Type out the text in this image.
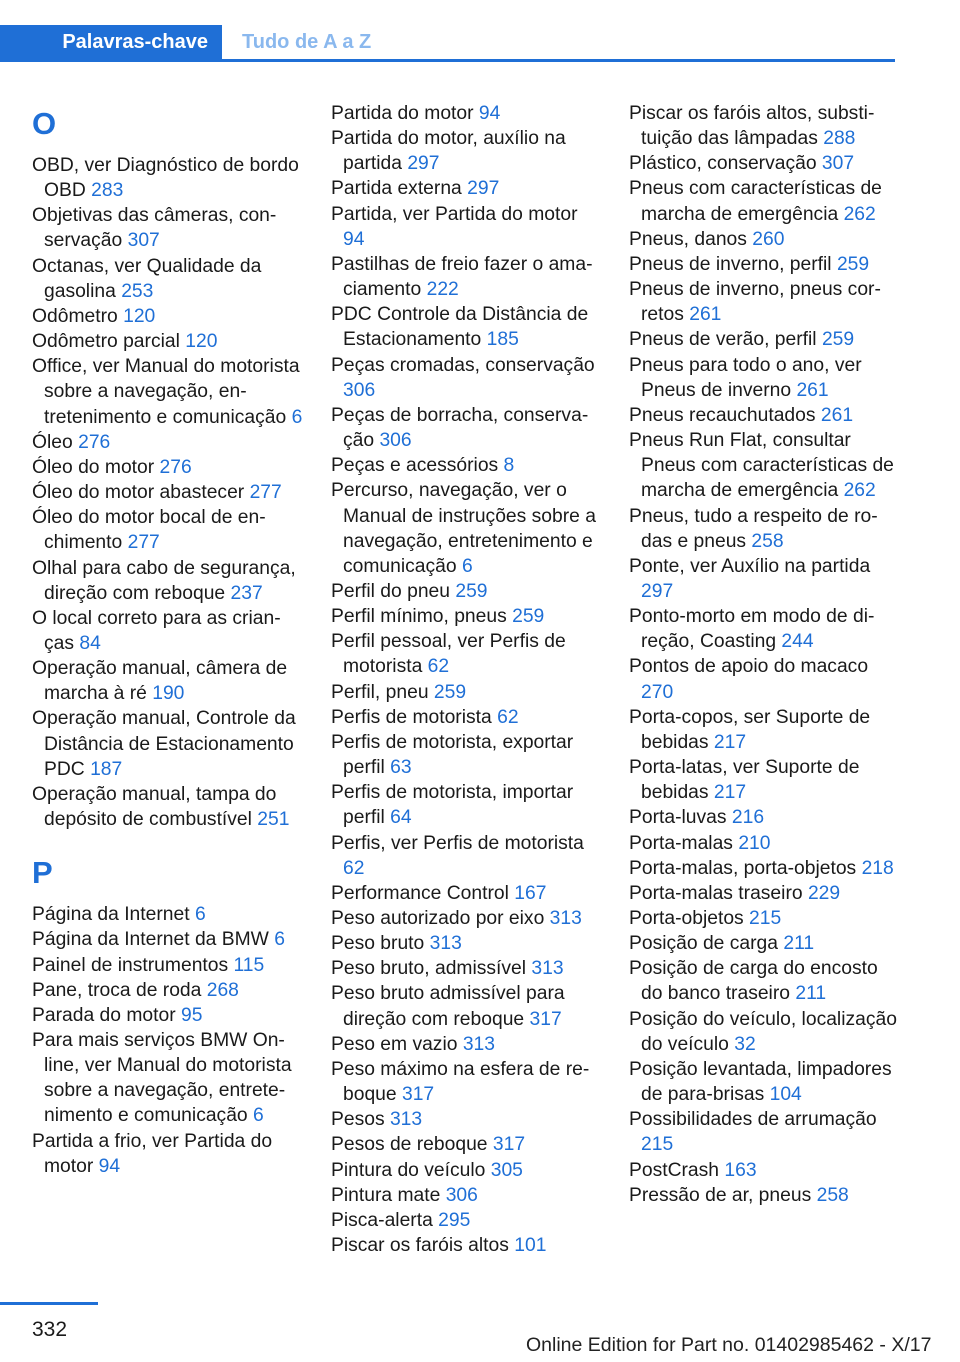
Palavras-chave	Tudo de A a Z
O
OBD, ver Diagnóstico de bordo OBD 283
Objetivas das câmeras, conservação 307
Octanas, ver Qualidade da gasolina 253
Odômetro 120
Odômetro parcial 120
Office, ver Manual do motorista sobre a navegação, entretenimento e comunicação 6
Óleo 276
Óleo do motor 276
Óleo do motor abastecer 277
Óleo do motor bocal de enchimento 277
Olhal para cabo de segurança, direção com reboque 237
O local correto para as crianças 84
Operação manual, câmera de marcha à ré 190
Operação manual, Controle da Distância de Estacionamento PDC 187
Operação manual, tampa do depósito de combustível 251
P
Página da Internet 6
Página da Internet da BMW 6
Painel de instrumentos 115
Pane, troca de roda 268
Parada do motor 95
Para mais serviços BMW Online, ver Manual do motorista sobre a navegação, entretenimento e comunicação 6
Partida a frio, ver Partida do motor 94
Partida do motor 94
Partida do motor, auxílio na partida 297
Partida externa 297
Partida, ver Partida do motor 94
Pastilhas de freio fazer o amaciamento 222
PDC Controle da Distância de Estacionamento 185
Peças cromadas, conservação 306
Peças de borracha, conservação 306
Peças e acessórios 8
Percurso, navegação, ver o Manual de instruções sobre a navegação, entretenimento e comunicação 6
Perfil do pneu 259
Perfil mínimo, pneus 259
Perfil pessoal, ver Perfis de motorista 62
Perfil, pneu 259
Perfis de motorista 62
Perfis de motorista, exportar perfil 63
Perfis de motorista, importar perfil 64
Perfis, ver Perfis de motorista 62
Performance Control 167
Peso autorizado por eixo 313
Peso bruto 313
Peso bruto, admissível 313
Peso bruto admissível para direção com reboque 317
Peso em vazio 313
Peso máximo na esfera de reboque 317
Pesos 313
Pesos de reboque 317
Pintura do veículo 305
Pintura mate 306
Pisca-alerta 295
Piscar os faróis altos 101
Piscar os faróis altos, substituição das lâmpadas 288
Plástico, conservação 307
Pneus com características de marcha de emergência 262
Pneus, danos 260
Pneus de inverno, perfil 259
Pneus de inverno, pneus corretos 261
Pneus de verão, perfil 259
Pneus para todo o ano, ver Pneus de inverno 261
Pneus recauchutados 261
Pneus Run Flat, consultar Pneus com características de marcha de emergência 262
Pneus, tudo a respeito de rodas e pneus 258
Ponte, ver Auxílio na partida 297
Ponto-morto em modo de direção, Coasting 244
Pontos de apoio do macaco 270
Porta-copos, ser Suporte de bebidas 217
Porta-latas, ver Suporte de bebidas 217
Porta-luvas 216
Porta-malas 210
Porta-malas, porta-objetos 218
Porta-malas traseiro 229
Porta-objetos 215
Posição de carga 211
Posição de carga do encosto do banco traseiro 211
Posição do veículo, localização do veículo 32
Posição levantada, limpadores de para-brisas 104
Possibilidades de arrumação 215
PostCrash 163
Pressão de ar, pneus 258
332
Online Edition for Part no. 01402985462 - X/17
